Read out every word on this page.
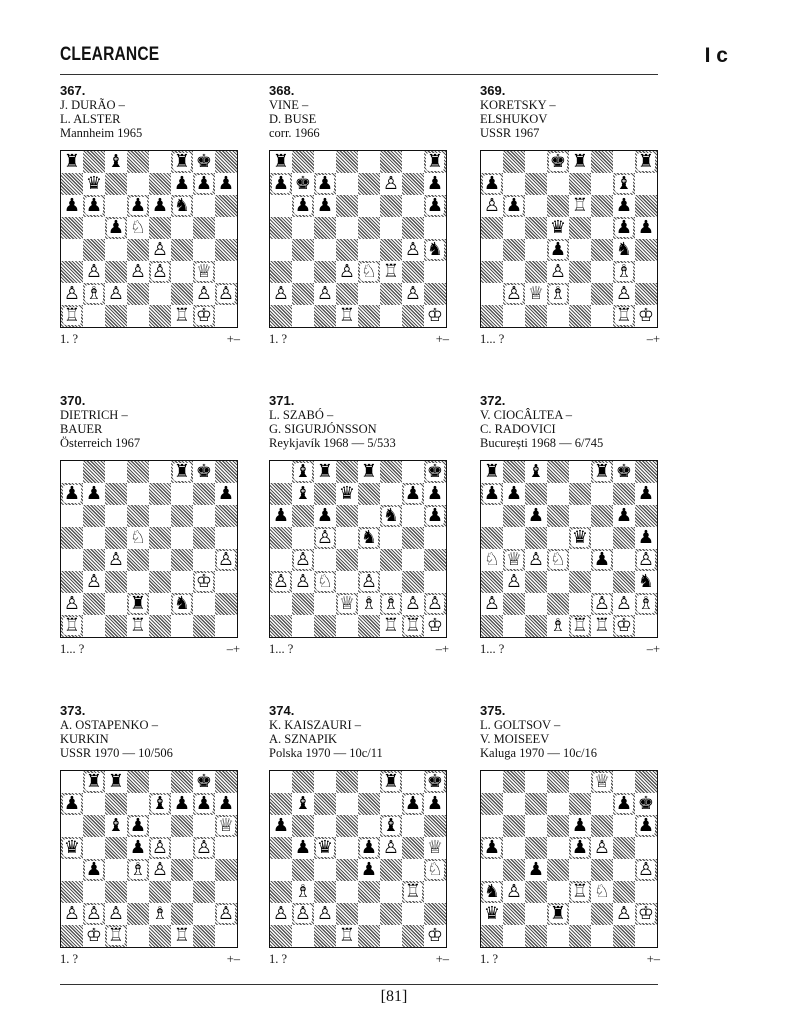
CLEARANCE	I c
367.
J. DURÃO –
L. ALSTER
Mannheim 1965
♜ ♝	♜ ♚
♛	♟ ♟ ♟
♟ ♟ ♟ ♟ ♞
♟ ♘
♙
♙ ♙ ♙ ♕
♙ ♗ ♙	♙ ♙
♖	♖ ♔
1. ?	+–
368.
VINE –
D. BUSE
corr. 1966
♜	♜
♟ ♚ ♟	♙ ♟
♟ ♟	♟
♙ ♞
♙ ♘ ♖
♙ ♙	♙
♖	♔
1. ?	+–
369.
KORETSKY –
ELSHUKOV
USSR 1967
♚ ♜	♜
♟	♝
♙ ♟	♖ ♟
♛	♟ ♟
♟	♞
♙	♗
♙ ♕ ♗	♙
♖ ♔
1... ?	–+
370.
DIETRICH –
BAUER
Österreich 1967
♜ ♚
♟ ♟	♟
♘
♙	♙
♙	♔
♙	♜ ♞
♖	♖
1... ?	–+
371.
L. SZABÓ –
G. SIGURJÓNSSON
Reykjavík 1968 — 5/533
♝ ♜ ♜	♚
♝ ♛	♟ ♟
♟ ♟	♞ ♟
♙ ♞
♙
♙ ♙ ♘ ♙
♕ ♗ ♗ ♙ ♙
♖ ♖ ♔
1... ?	–+
372.
V. CIOCÂLTEA –
C. RADOVICI
București 1968 — 6/745
♜ ♝	♜ ♚
♟ ♟	♟
♟	♟
♛	♟
♘ ♕ ♙ ♘ ♟ ♙
♙	♞
♙	♙ ♙ ♗
♗ ♖ ♖ ♔
1... ?	–+
373.
A. OSTAPENKO –
KURKIN
USSR 1970 — 10/506
♜ ♜	♚
♟	♝ ♟ ♟ ♟
♝ ♟	♕
♛	♟ ♙ ♙
♟ ♗ ♙
♙ ♙ ♙ ♗	♙
♔ ♖	♖
1. ?	+–
374.
K. KAISZAURI –
A. SZNAPIK
Polska 1970 — 10c/11
♜ ♚
♝	♟ ♟
♟	♝
♟ ♛ ♟ ♙ ♕
♟	♘
♗	♖
♙ ♙ ♙
♖	♔
1. ?	+–
375.
L. GOLTSOV –
V. MOISEEV
Kaluga 1970 — 10c/16
♕
♟ ♚
♟	♟
♟	♟ ♙
♟	♙
♞ ♙	♖ ♘
♛	♜	♙ ♔
1. ?	+–
[81]
